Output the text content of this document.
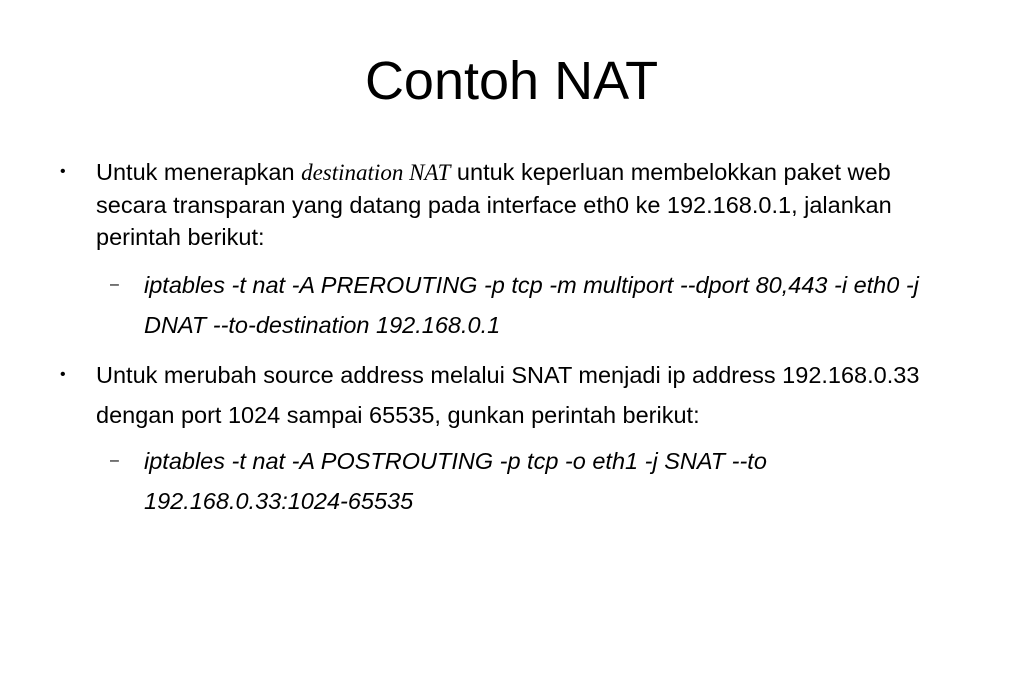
Contoh NAT
• Untuk menerapkan destination NAT untuk keperluan membelokkan paket web secara transparan yang datang pada interface eth0 ke 192.168.0.1, jalankan perintah berikut:
– iptables -t nat -A PREROUTING -p tcp -m multiport --dport 80,443 -i eth0 -j DNAT --to-destination 192.168.0.1
• Untuk merubah source address melalui SNAT menjadi ip address 192.168.0.33 dengan port 1024 sampai 65535, gunkan perintah berikut:
– iptables -t nat -A POSTROUTING -p tcp -o eth1 -j SNAT --to 192.168.0.33:1024-65535
